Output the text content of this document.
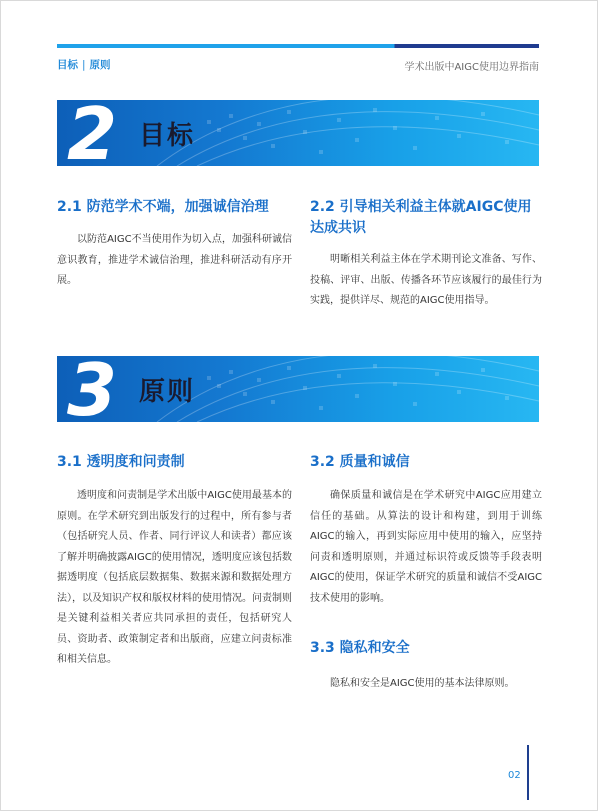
目标 | 原则	学术出版中AIGC使用边界指南
2 目标
2.1 防范学术不端，加强诚信治理
以防范AIGC不当使用作为切入点，加强科研诚信意识教育，推进学术诚信治理，推进科研活动有序开展。
2.2 引导相关利益主体就AIGC使用达成共识
明晰相关利益主体在学术期刊论文准备、写作、投稿、评审、出版、传播各环节应该履行的最佳行为实践，提供详尽、规范的AIGC使用指导。
3 原则
3.1 透明度和问责制
透明度和问责制是学术出版中AIGC使用最基本的原则。在学术研究到出版发行的过程中，所有参与者（包括研究人员、作者、同行评议人和读者）都应该了解并明确披露AIGC的使用情况，透明度应该包括数据透明度（包括底层数据集、数据来源和数据处理方法），以及知识产权和版权材料的使用情况。问责制则是关键利益相关者应共同承担的责任，包括研究人员、资助者、政策制定者和出版商，应建立问责标准和相关信息。
3.2 质量和诚信
确保质量和诚信是在学术研究中AIGC应用建立信任的基础。从算法的设计和构建，到用于训练AIGC的输入，再到实际应用中使用的输入，应坚持问责和透明原则，并通过标识符或反馈等手段表明AIGC的使用，保证学术研究的质量和诚信不受AIGC技术使用的影响。
3.3 隐私和安全
隐私和安全是AIGC使用的基本法律原则。
02
